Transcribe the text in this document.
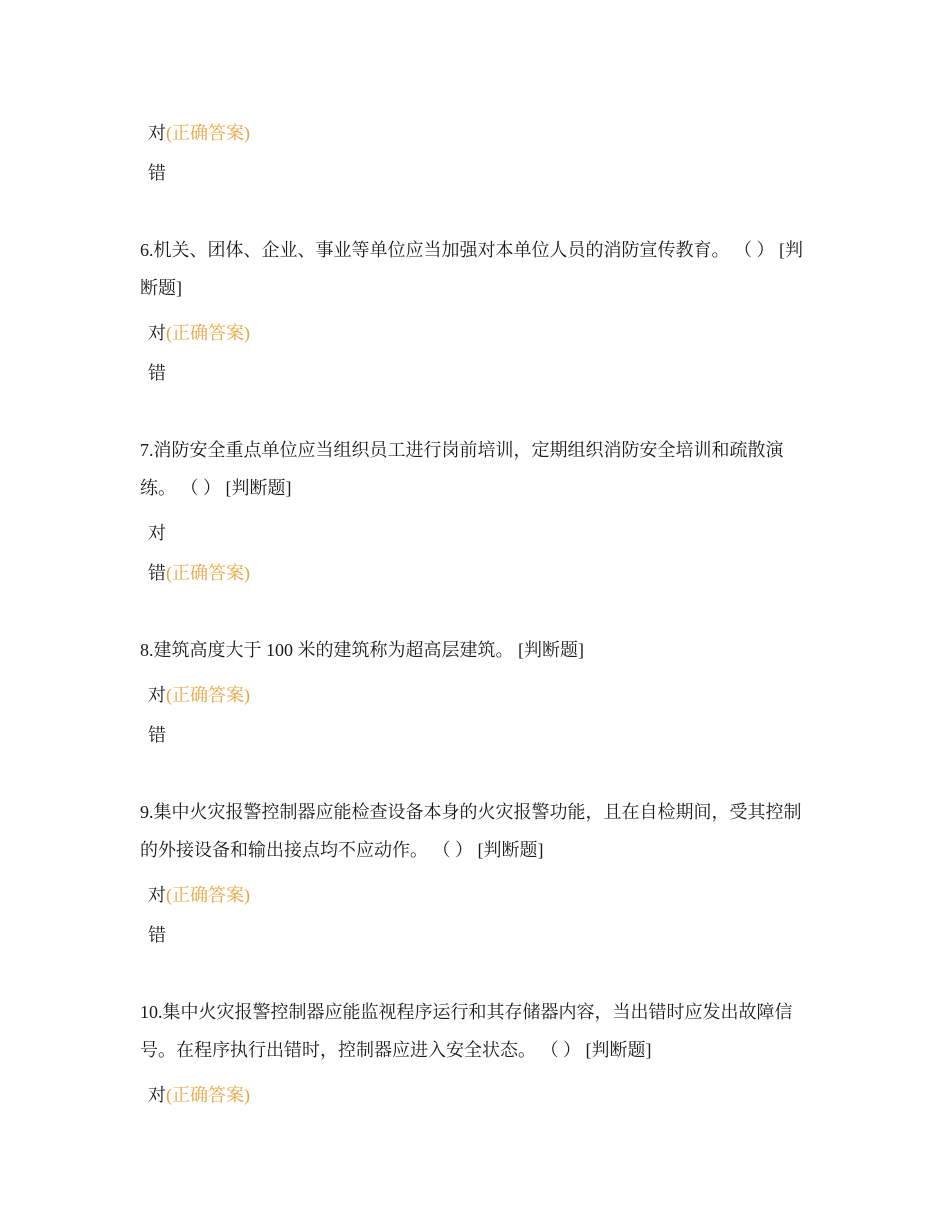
对(正确答案)
错
6.机关、团体、企业、事业等单位应当加强对本单位人员的消防宣传教育。 （ ） [判断题]
对(正确答案)
错
7.消防安全重点单位应当组织员工进行岗前培训，定期组织消防安全培训和疏散演练。 （ ） [判断题]
对
错(正确答案)
8.建筑高度大于 100 米的建筑称为超高层建筑。 [判断题]
对(正确答案)
错
9.集中火灾报警控制器应能检查设备本身的火灾报警功能，且在自检期间，受其控制的外接设备和输出接点均不应动作。 （ ） [判断题]
对(正确答案)
错
10.集中火灾报警控制器应能监视程序运行和其存储器内容，当出错时应发出故障信号。在程序执行出错时，控制器应进入安全状态。 （ ） [判断题]
对(正确答案)
